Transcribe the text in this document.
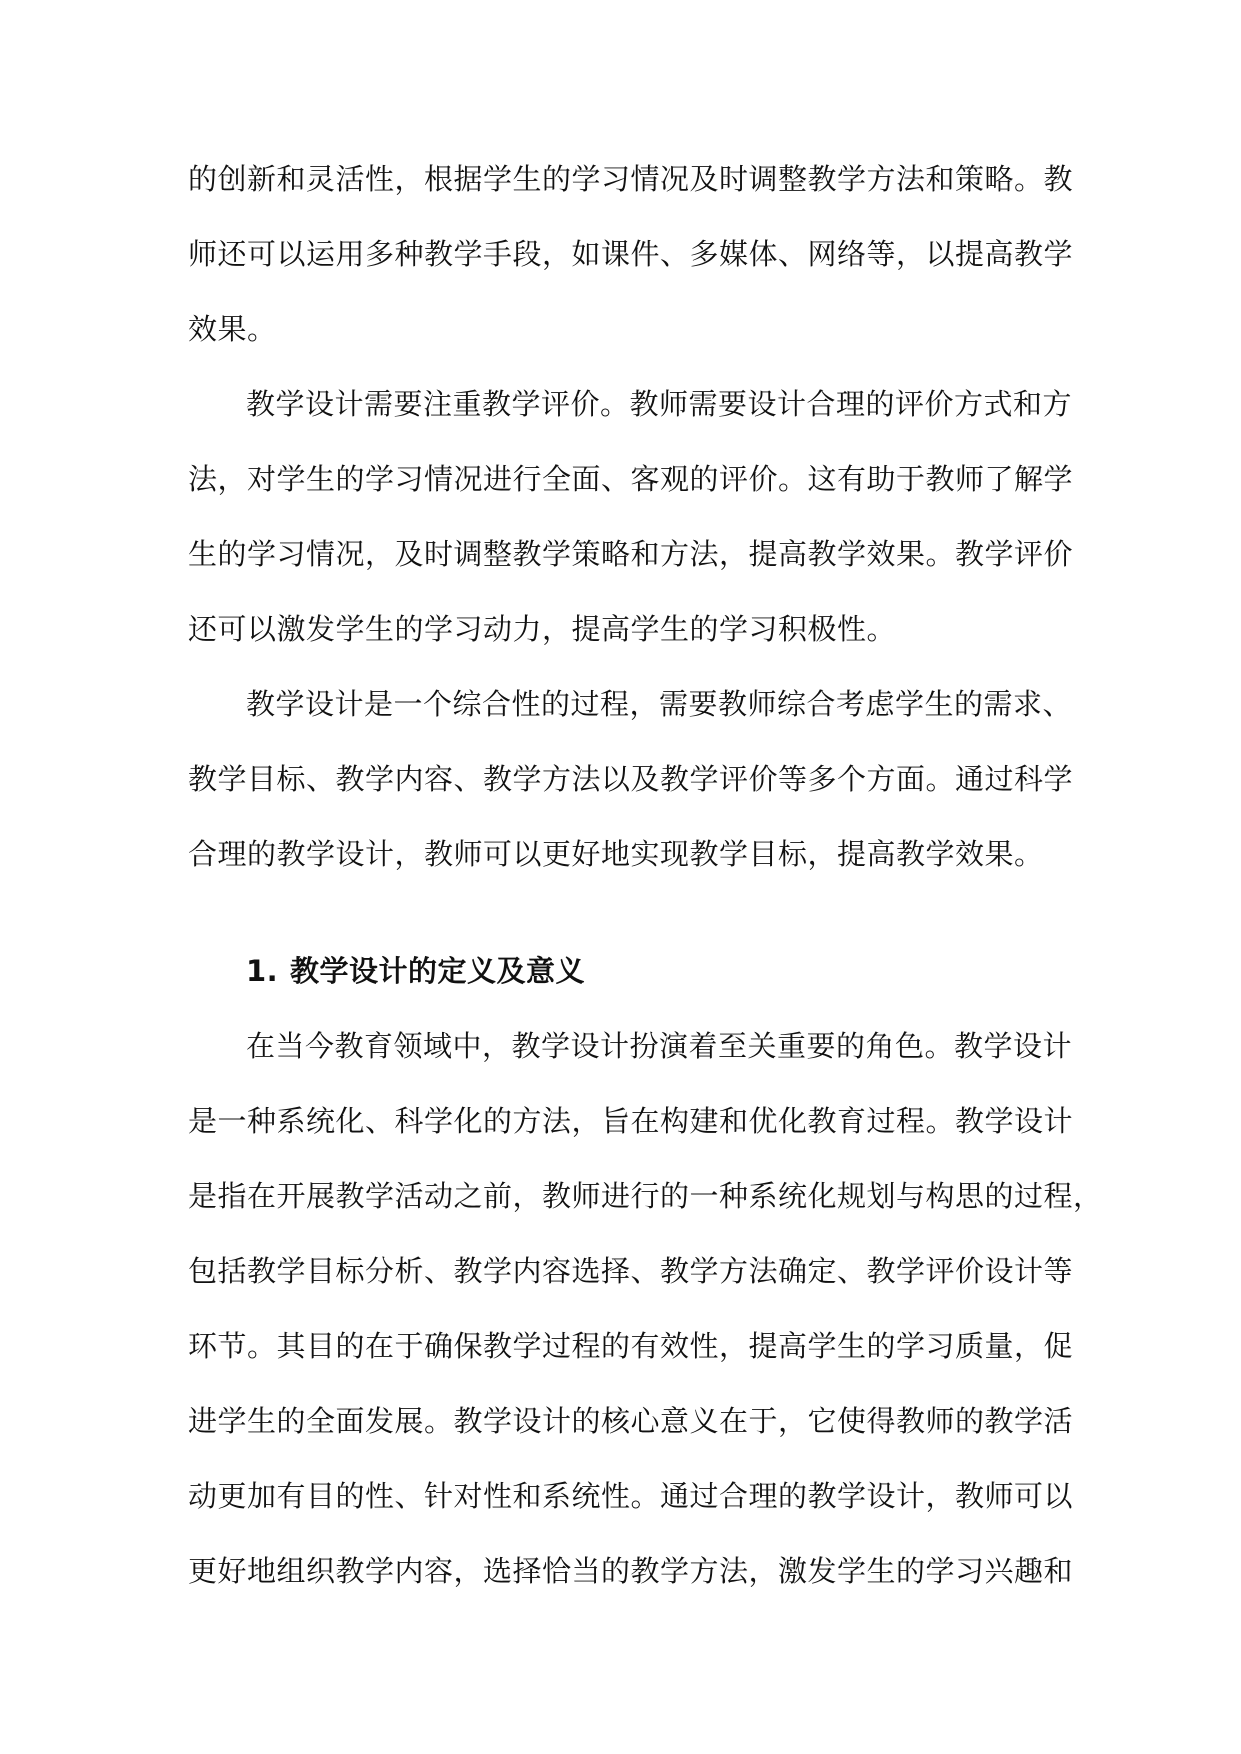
的创新和灵活性，根据学生的学习情况及时调整教学方法和策略。教
师还可以运用多种教学手段，如课件、多媒体、网络等，以提高教学
效果。
教学设计需要注重教学评价。教师需要设计合理的评价方式和方
法，对学生的学习情况进行全面、客观的评价。这有助于教师了解学
生的学习情况，及时调整教学策略和方法，提高教学效果。教学评价
还可以激发学生的学习动力，提高学生的学习积极性。
教学设计是一个综合性的过程，需要教师综合考虑学生的需求、
教学目标、教学内容、教学方法以及教学评价等多个方面。通过科学
合理的教学设计，教师可以更好地实现教学目标，提高教学效果。
1. 教学设计的定义及意义
在当今教育领域中，教学设计扮演着至关重要的角色。教学设计
是一种系统化、科学化的方法，旨在构建和优化教育过程。教学设计
是指在开展教学活动之前，教师进行的一种系统化规划与构思的过程，
包括教学目标分析、教学内容选择、教学方法确定、教学评价设计等
环节。其目的在于确保教学过程的有效性，提高学生的学习质量，促
进学生的全面发展。教学设计的核心意义在于，它使得教师的教学活
动更加有目的性、针对性和系统性。通过合理的教学设计，教师可以
更好地组织教学内容，选择恰当的教学方法，激发学生的学习兴趣和
